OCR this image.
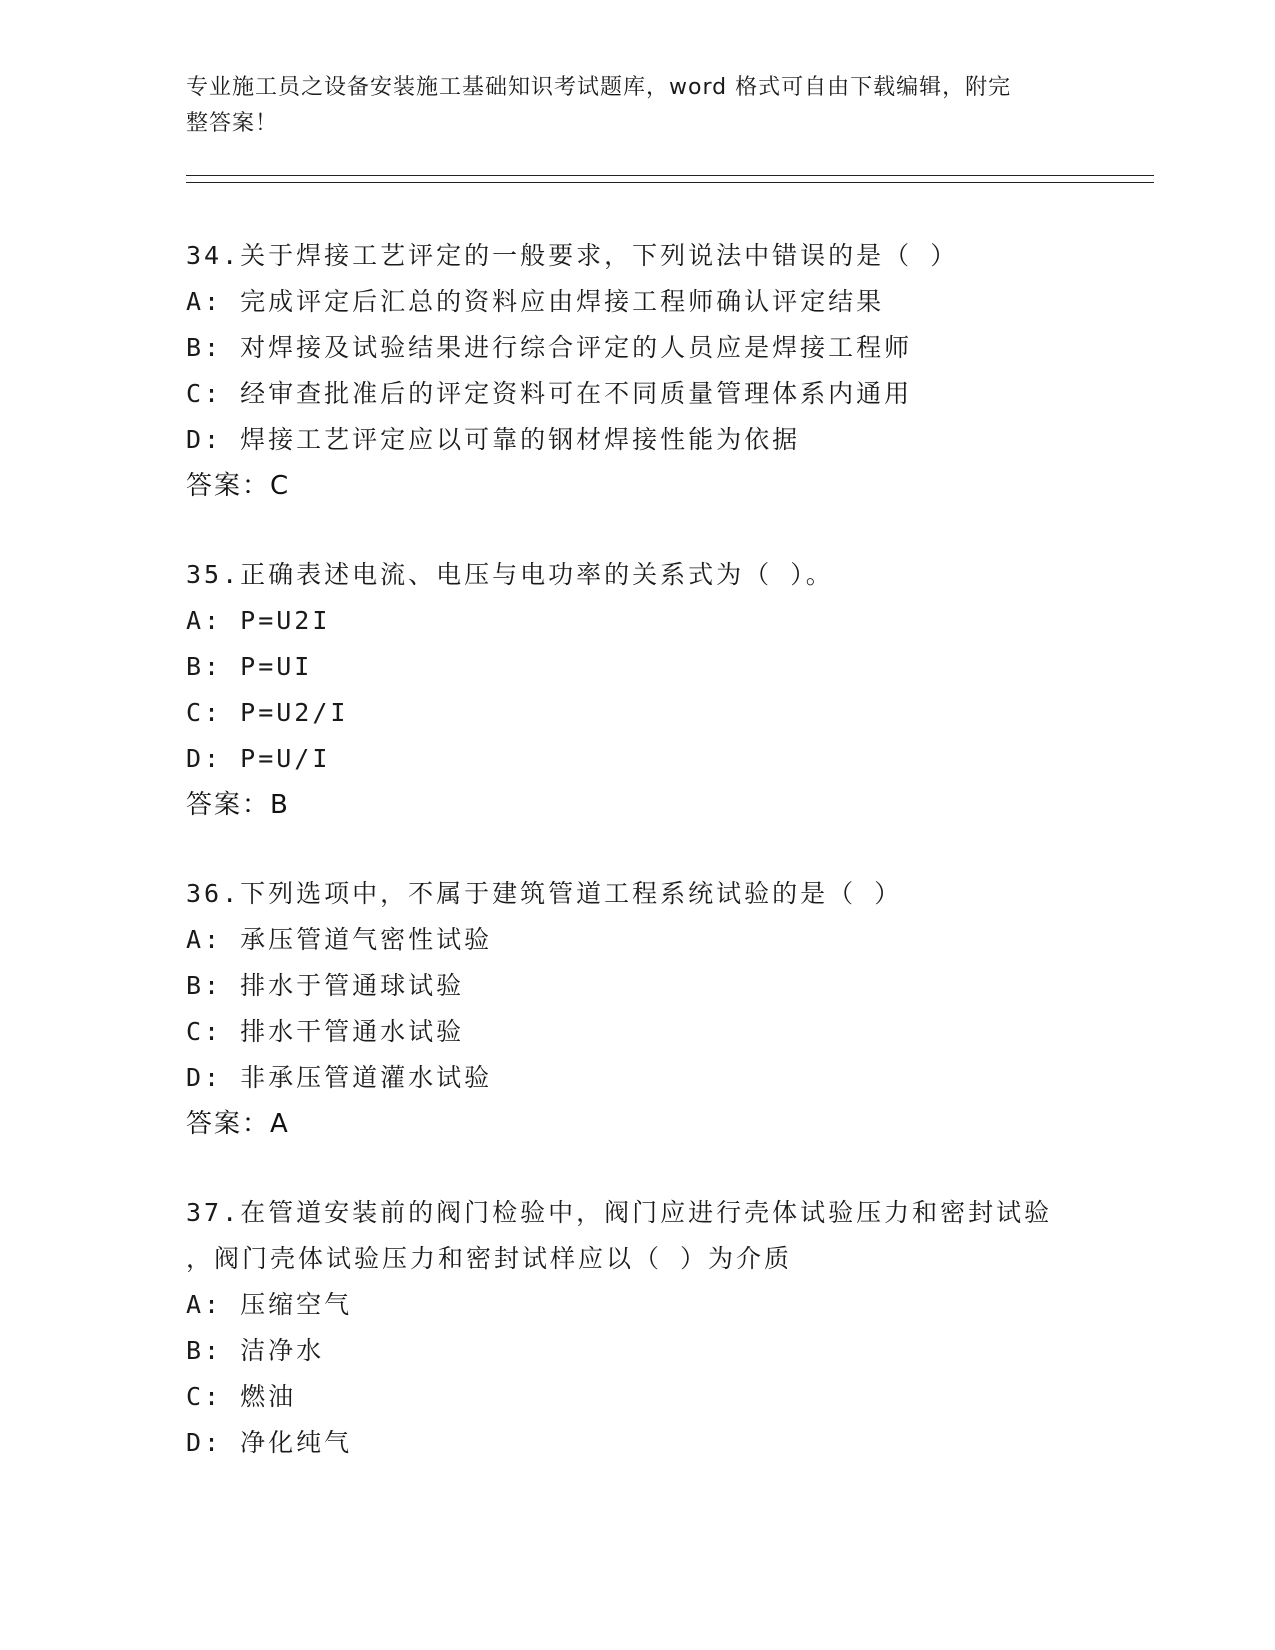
专业施工员之设备安装施工基础知识考试题库，word 格式可自由下载编辑，附完
整答案！
34.关于焊接工艺评定的一般要求，下列说法中错误的是（ ）
A: 完成评定后汇总的资料应由焊接工程师确认评定结果
B: 对焊接及试验结果进行综合评定的人员应是焊接工程师
C: 经审查批准后的评定资料可在不同质量管理体系内通用
D: 焊接工艺评定应以可靠的钢材焊接性能为依据
答案：C
35.正确表述电流、电压与电功率的关系式为（ ）。
A: P=U2I
B: P=UI
C: P=U2/I
D: P=U/I
答案：B
36.下列选项中，不属于建筑管道工程系统试验的是（ ）
A: 承压管道气密性试验
B: 排水于管通球试验
C: 排水干管通水试验
D: 非承压管道灌水试验
答案：A
37.在管道安装前的阀门检验中，阀门应进行壳体试验压力和密封试验
，阀门壳体试验压力和密封试样应以（ ）为介质
A: 压缩空气
B: 洁净水
C: 燃油
D: 净化纯气
